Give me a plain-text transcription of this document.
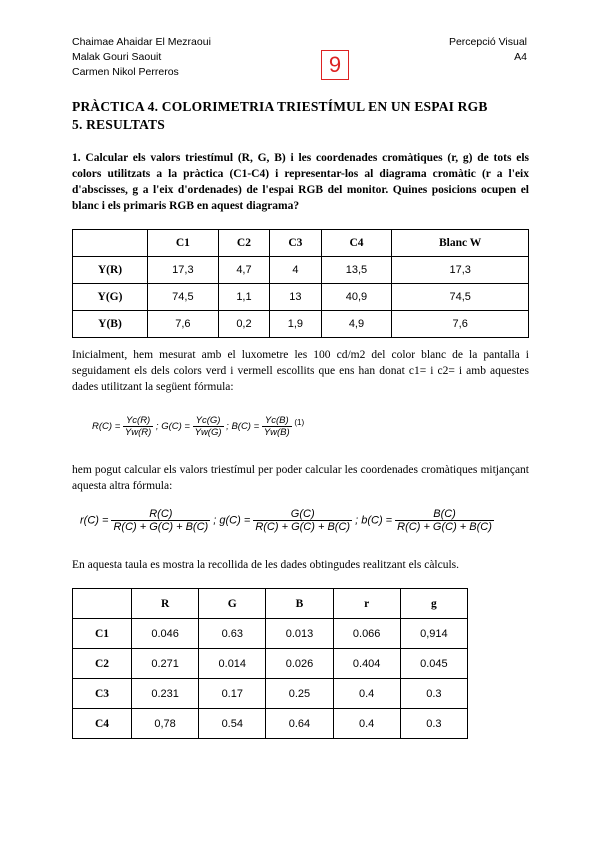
Chaimae Ahaidar El Mezraoui
Malak Gouri Saouit
Carmen Nikol Perreros
Percepció Visual
A4
9
PRÀCTICA 4. COLORIMETRIA TRIESTÍMUL EN UN ESPAI RGB
5. RESULTATS
1. Calcular els valors triestímul (R, G, B) i les coordenades cromàtiques (r, g) de tots els colors utilitzats a la pràctica (C1-C4) i representar-los al diagrama cromàtic (r a l'eix d'abscisses, g a l'eix d'ordenades) de l'espai RGB del monitor. Quines posicions ocupen el blanc i els primaris RGB en aquest diagrama?
	C1	C2	C3	C4	Blanc W
Y(R)	17,3	4,7	4	13,5	17,3
Y(G)	74,5	1,1	13	40,9	74,5
Y(B)	7,6	0,2	1,9	4,9	7,6
Inicialment, hem mesurat amb el luxometre les 100 cd/m2 del color blanc de la pantalla i seguidament els dels colors verd i vermell escollits que ens han donat c1= i c2= i amb aquestes dades utilitzant la següent fórmula:
$R(C) = \frac{Yc(R)}{Yw(R)}$ ; $G(C) = \frac{Yc(G)}{Yw(G)}$ ; $B(C) = \frac{Yc(B)}{Yw(B)} ^{(1)}$
hem pogut calcular els valors triestímul per poder calcular les coordenades cromàtiques mitjançant aquesta altra fórmula:
$r(C) = \frac{R(C)}{R(C) + G(C) + B(C)}$ ; $g(C) = \frac{G(C)}{R(C) + G(C) + B(C)}$ ; $b(C) = \frac{B(C)}{R(C) + G(C) + B(C)}$
En aquesta taula es mostra la recollida de les dades obtingudes realitzant els càlculs.
	R	G	B	r	g
C1	0.046	0.63	0.013	0.066	0,914
C2	0.271	0.014	0.026	0.404	0.045
C3	0.231	0.17	0.25	0.4	0.3
C4	0,78	0.54	0.64	0.4	0.3
